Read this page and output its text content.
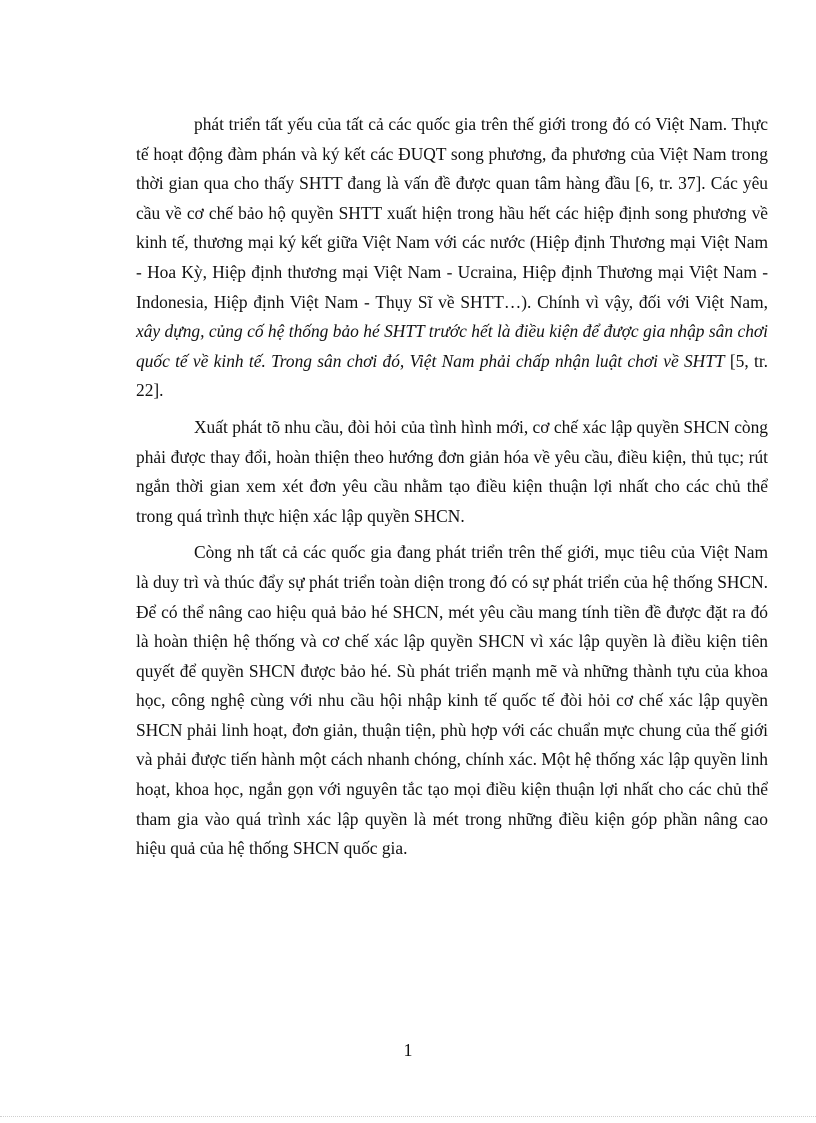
phát triển tất yếu của tất cả các quốc gia trên thế giới trong đó có Việt Nam. Thực tế hoạt động đàm phán và ký kết các ĐUQT song phương, đa phương của Việt Nam trong thời gian qua cho thấy SHTT đang là vấn đề được quan tâm hàng đầu [6, tr. 37]. Các yêu cầu về cơ chế bảo hộ quyền SHTT xuất hiện trong hầu hết các hiệp định song phương về kinh tế, thương mại ký kết giữa Việt Nam với các nước (Hiệp định Thương mại Việt Nam - Hoa Kỳ, Hiệp định thương mại Việt Nam - Ucraina, Hiệp định Thương mại Việt Nam - Indonesia, Hiệp định Việt Nam - Thụy Sĩ về SHTT…). Chính vì vậy, đối với Việt Nam, xây dựng, củng cố hệ thống bảo hé SHTT trước hết là điều kiện để được gia nhập sân chơi quốc tế về kinh tế. Trong sân chơi đó, Việt Nam phải chấp nhận luật chơi về SHTT [5, tr. 22].

Xuất phát tõ nhu cầu, đòi hỏi của tình hình mới, cơ chế xác lập quyền SHCN còng phải được thay đổi, hoàn thiện theo hướng đơn giản hóa về yêu cầu, điều kiện, thủ tục; rút ngắn thời gian xem xét đơn yêu cầu nhằm tạo điều kiện thuận lợi nhất cho các chủ thể trong quá trình thực hiện xác lập quyền SHCN.

Còng nh tất cả các quốc gia đang phát triển trên thế giới, mục tiêu của Việt Nam là duy trì và thúc đẩy sự phát triển toàn diện trong đó có sự phát triển của hệ thống SHCN. Để có thể nâng cao hiệu quả bảo hé SHCN, mét yêu cầu mang tính tiền đề được đặt ra đó là hoàn thiện hệ thống và cơ chế xác lập quyền SHCN vì xác lập quyền là điều kiện tiên quyết để quyền SHCN được bảo hé. Sù phát triển mạnh mẽ và những thành tựu của khoa học, công nghệ cùng với nhu cầu hội nhập kinh tế quốc tế đòi hỏi cơ chế xác lập quyền SHCN phải linh hoạt, đơn giản, thuận tiện, phù hợp với các chuẩn mực chung của thế giới và phải được tiến hành một cách nhanh chóng, chính xác. Một hệ thống xác lập quyền linh hoạt, khoa học, ngắn gọn với nguyên tắc tạo mọi điều kiện thuận lợi nhất cho các chủ thể tham gia vào quá trình xác lập quyền là mét trong những điều kiện góp phần nâng cao hiệu quả của hệ thống SHCN quốc gia.

1
